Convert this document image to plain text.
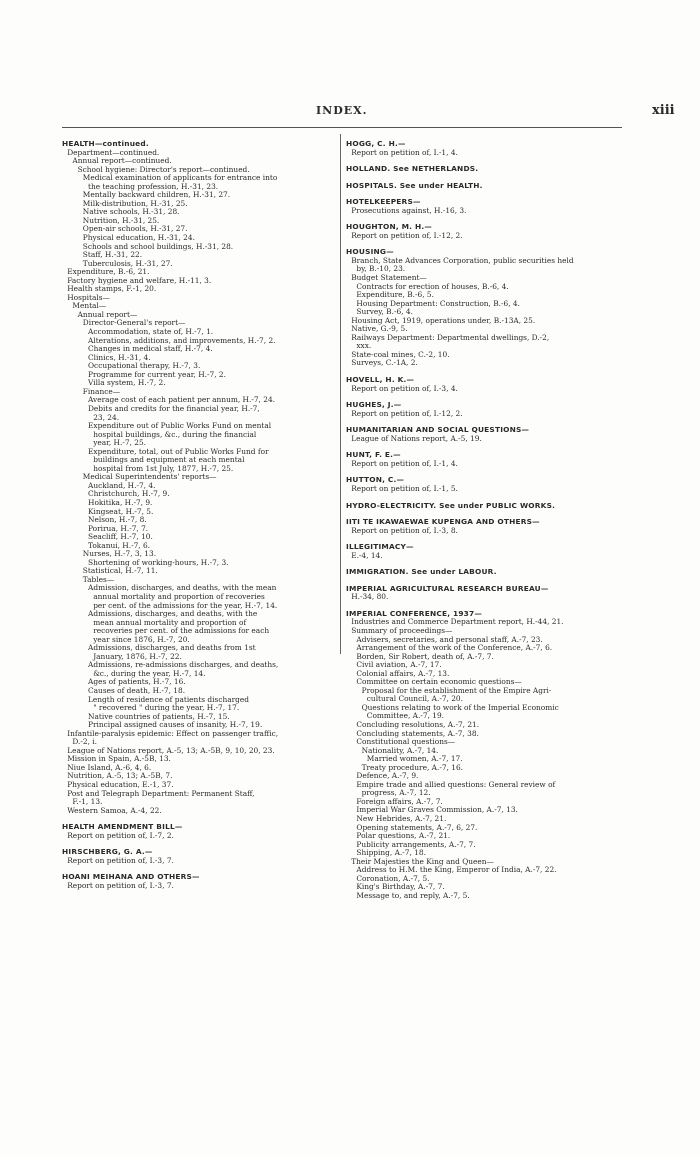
INDEX.	xiii
HEALTH—continued.
Department—continued.
Annual report—continued.
School hygiene: Director's report—continued.
Medical examination of applicants for entrance into
the teaching profession, H.-31, 23.
Mentally backward children, H.-31, 27.
Milk-distribution, H.-31, 25.
Native schools, H.-31, 28.
Nutrition, H.-31, 25.
Open-air schools, H.-31, 27.
Physical education, H.-31, 24.
Schools and school buildings, H.-31, 28.
Staff, H.-31, 22.
Tuberculosis, H.-31, 27.
Expenditure, B.-6, 21.
Factory hygiene and welfare, H.-11, 3.
Health stamps, F.-1, 20.
Hospitals—
Mental—
Annual report—
Director-General's report—
Accommodation, state of, H.-7, 1.
Alterations, additions, and improvements, H.-7, 2.
Changes in medical staff, H.-7, 4.
Clinics, H.-31, 4.
Occupational therapy, H.-7, 3.
Programme for current year, H.-7, 2.
Villa system, H.-7, 2.
Finance—
Average cost of each patient per annum, H.-7, 24.
Debits and credits for the financial year, H.-7,
23, 24.
Expenditure out of Public Works Fund on mental
hospital buildings, &c., during the financial
year, H.-7, 25.
Expenditure, total, out of Public Works Fund for
buildings and equipment at each mental
hospital from 1st July, 1877, H.-7, 25.
Medical Superintendents' reports—
Auckland, H.-7, 4.
Christchurch, H.-7, 9.
Hokitika, H.-7, 9.
Kingseat, H.-7, 5.
Nelson, H.-7, 8.
Porirua, H.-7, 7.
Seacliff, H.-7, 10.
Tokanui, H.-7, 6.
Nurses, H.-7, 3, 13.
Shortening of working-hours, H.-7, 3.
Statistical, H.-7, 11.
Tables—
Admission, discharges, and deaths, with the mean
annual mortality and proportion of recoveries
per cent. of the admissions for the year, H.-7, 14.
Admissions, discharges, and deaths, with the
mean annual mortality and proportion of
recoveries per cent. of the admissions for each
year since 1876, H.-7, 20.
Admissions, discharges, and deaths from 1st
January, 1876, H.-7, 22.
Admissions, re-admissions discharges, and deaths,
&c., during the year, H.-7, 14.
Ages of patients, H.-7, 16.
Causes of death, H.-7, 18.
Length of residence of patients discharged
" recovered " during the year, H.-7, 17.
Native countries of patients, H.-7, 15.
Principal assigned causes of insanity, H.-7, 19.
Infantile-paralysis epidemic: Effect on passenger traffic,
D.-2, i.
League of Nations report, A.-5, 13; A.-5B, 9, 10, 20, 23.
Mission in Spain, A.-5B, 13.
Niue Island, A.-6, 4, 6.
Nutrition, A.-5, 13; A.-5B, 7.
Physical education, E.-1, 37.
Post and Telegraph Department: Permanent Staff,
F.-1, 13.
Western Samoa, A.-4, 22.
HEALTH AMENDMENT BILL—
Report on petition of, I.-7, 2.
HIRSCHBERG, G. A.—
Report on petition of, I.-3, 7.
HOANI MEIHANA AND OTHERS—
Report on petition of, I.-3, 7.
HOGG, C. H.—
Report on petition of, I.-1, 4.
HOLLAND. See NETHERLANDS.
HOSPITALS. See under HEALTH.
HOTELKEEPERS—
Prosecutions against, H.-16, 3.
HOUGHTON, M. H.—
Report on petition of, I.-12, 2.
HOUSING—
Branch, State Advances Corporation, public securities held
by, B.-10, 23.
Budget Statement—
Contracts for erection of houses, B.-6, 4.
Expenditure, B.-6, 5.
Housing Department: Construction, B.-6, 4.
Survey, B.-6, 4.
Housing Act, 1919, operations under, B.-13A, 25.
Native, G.-9, 5.
Railways Department: Departmental dwellings, D.-2,
xxx.
State-coal mines, C.-2, 10.
Surveys, C.-1A, 2.
HOVELL, H. K.—
Report on petition of, I.-3, 4.
HUGHES, J.—
Report on petition of, I.-12, 2.
HUMANITARIAN AND SOCIAL QUESTIONS—
League of Nations report, A.-5, 19.
HUNT, F. E.—
Report on petition of, I.-1, 4.
HUTTON, C.—
Report on petition of, I.-1, 5.
HYDRO-ELECTRICITY. See under PUBLIC WORKS.
IITI TE IKAWAEWAE KUPENGA AND OTHERS—
Report on petition of, I.-3, 8.
ILLEGITIMACY—
E.-4, 14.
IMMIGRATION. See under LABOUR.
IMPERIAL AGRICULTURAL RESEARCH BUREAU—
H.-34, 80.
IMPERIAL CONFERENCE, 1937—
Industries and Commerce Department report, H.-44, 21.
Summary of proceedings—
Advisers, secretaries, and personal staff, A.-7, 23.
Arrangement of the work of the Conference, A.-7, 6.
Borden, Sir Robert, death of, A.-7, 7.
Civil aviation, A.-7, 17.
Colonial affairs, A.-7, 13.
Committee on certain economic questions—
Proposal for the establishment of the Empire Agri-
cultural Council, A.-7, 20.
Questions relating to work of the Imperial Economic
Committee, A.-7, 19.
Concluding resolutions, A.-7, 21.
Concluding statements, A.-7, 38.
Constitutional questions—
Nationality, A.-7, 14.
Married women, A.-7, 17.
Treaty procedure, A.-7, 16.
Defence, A.-7, 9.
Empire trade and allied questions: General review of
progress, A.-7, 12.
Foreign affairs, A.-7, 7.
Imperial War Graves Commission, A.-7, 13.
New Hebrides, A.-7, 21.
Opening statements, A.-7, 6, 27.
Polar questions, A.-7, 21.
Publicity arrangements, A.-7, 7.
Shipping, A.-7, 18.
Their Majesties the King and Queen—
Address to H.M. the King, Emperor of India, A.-7, 22.
Coronation, A.-7, 5.
King's Birthday, A.-7, 7.
Message to, and reply, A.-7, 5.
